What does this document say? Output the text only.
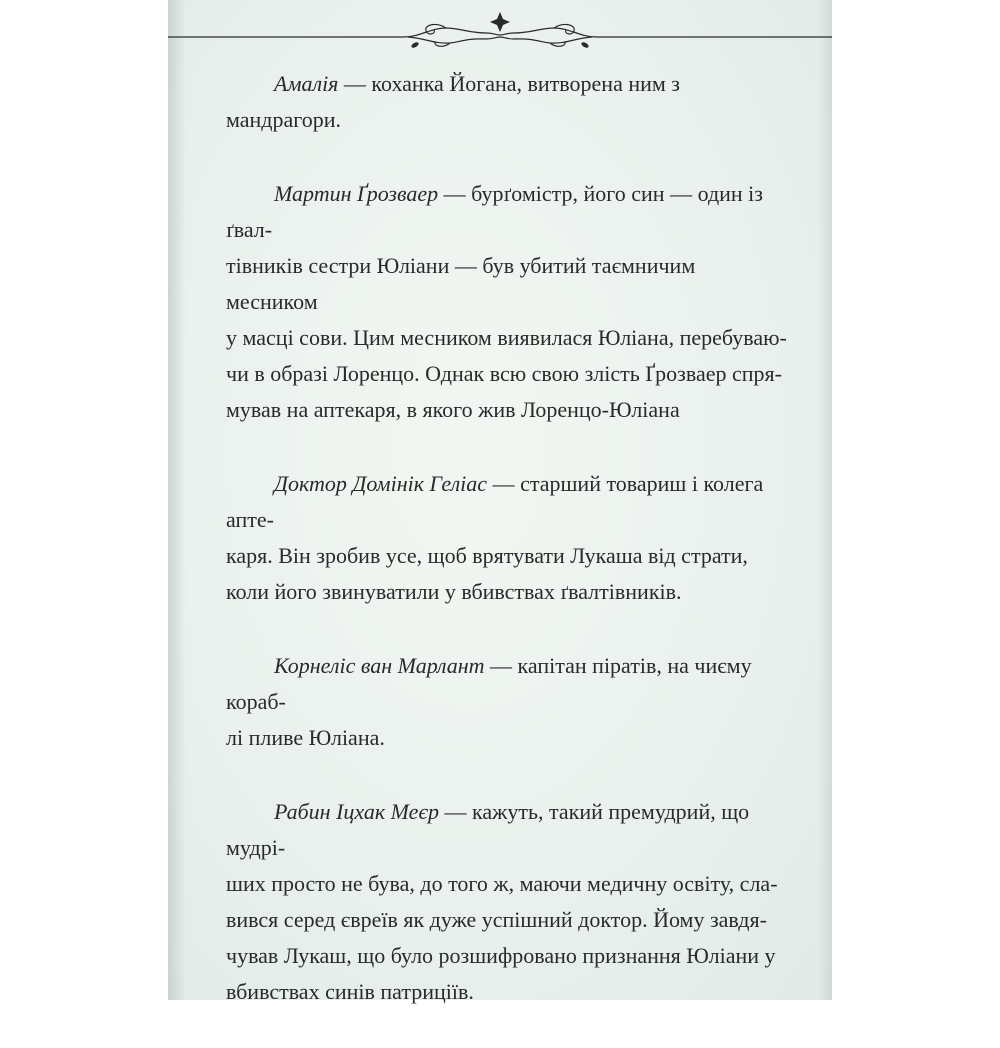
Амалія — коханка Йогана, витворена ним з мандрагори.

Мартин Ґрозваер — бурґомістр, його син — один із ґвал-
тівників сестри Юліани — був убитий таємничим месником
у масці сови. Цим месником виявилася Юліана, перебуваю-
чи в образі Лоренцо. Однак всю свою злість Ґрозваер спря-
мував на аптекаря, в якого жив Лоренцо-Юліана

Доктор Домінік Геліас — старший товариш і колега апте-
каря. Він зробив усе, щоб врятувати Лукаша від страти,
коли його звинуватили у вбивствах ґвалтівників.

Корнеліс ван Марлант — капітан піратів, на чиєму кораб-
лі пливе Юліана.

Рабин Іцхак Меєр — кажуть, такий премудрий, що мудрі-
ших просто не бува, до того ж, маючи медичну освіту, сла-
вився серед євреїв як дуже успішний доктор. Йому завдя-
чував Лукаш, що було розшифровано признання Юліани у
вбивствах синів патриціїв.
